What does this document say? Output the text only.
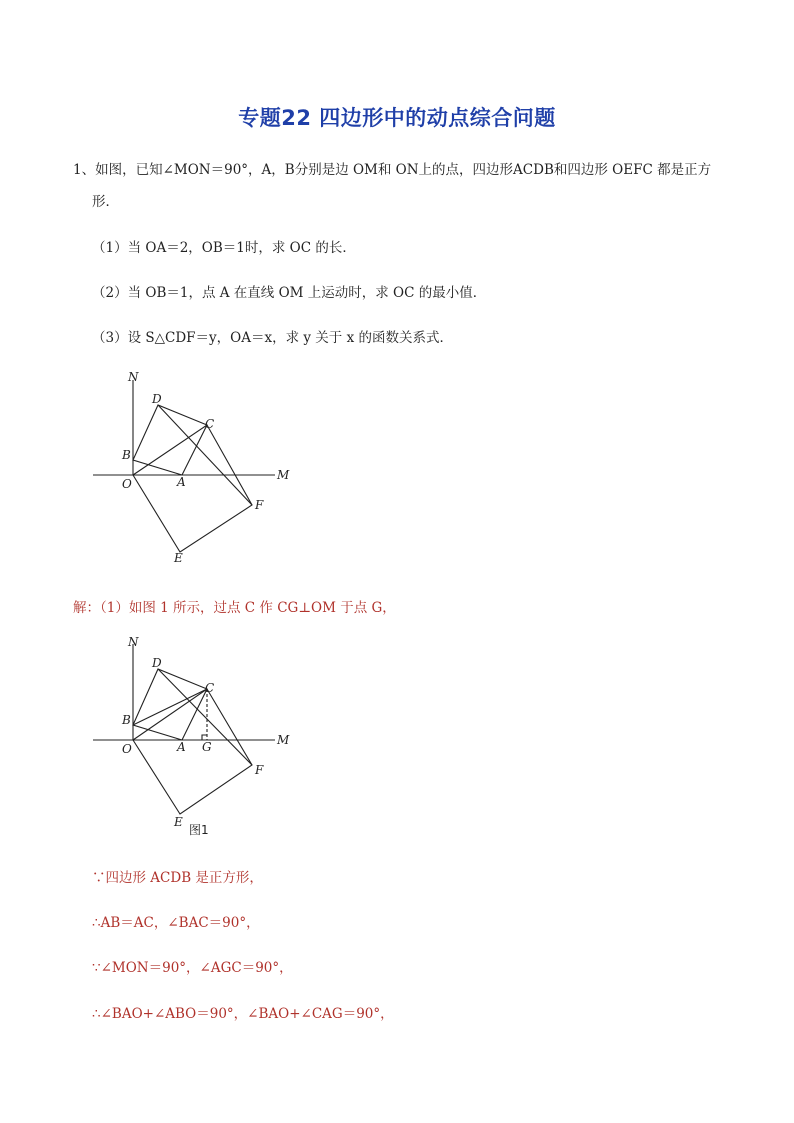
专题22 四边形中的动点综合问题
1、如图，已知∠MON＝90°，A，B分别是边 OM和 ON上的点，四边形ACDB和四边形 OEFC 都是正方
形．
（1）当 OA＝2，OB＝1时，求 OC 的长．
（2）当 OB＝1，点 A 在直线 OM 上运动时，求 OC 的最小值．
（3）设 S△CDF＝y，OA＝x，求 y 关于 x 的函数关系式．
N
D
C
B
O	A	M
F
E
解：（1）如图 1 所示，过点 C 作 CG⊥OM 于点 G，
N
D
C
B
O	A G	M
F
E
图1
∵四边形 ACDB 是正方形，
∴AB＝AC，∠BAC＝90°，
∵∠MON＝90°，∠AGC＝90°，
∴∠BAO+∠ABO＝90°，∠BAO+∠CAG＝90°，
